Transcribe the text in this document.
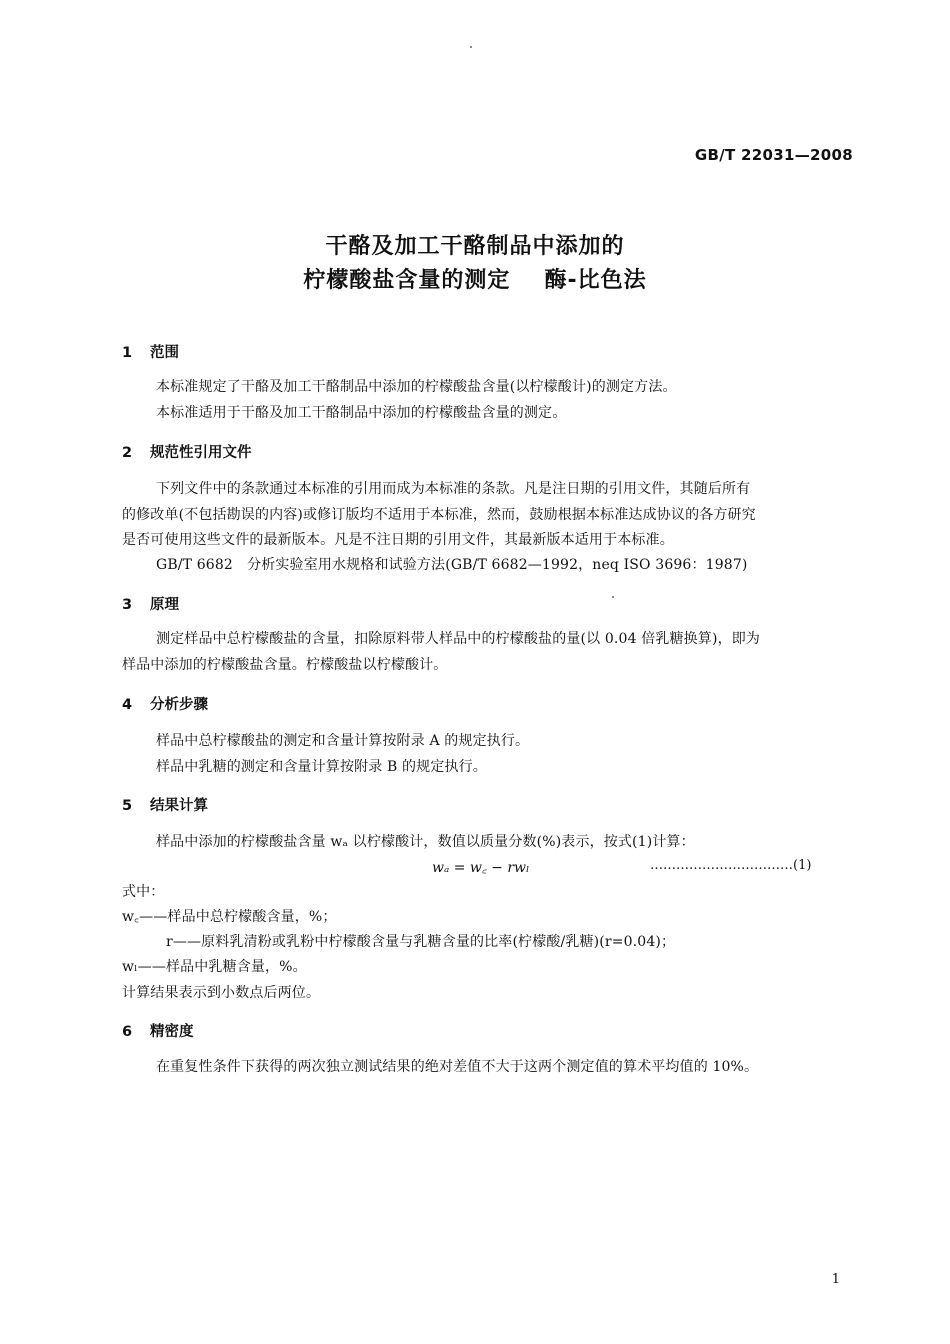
GB/T 22031—2008
干酪及加工干酪制品中添加的
柠檬酸盐含量的测定 酶-比色法
1 范围
本标准规定了干酪及加工干酪制品中添加的柠檬酸盐含量(以柠檬酸计)的测定方法。
本标准适用于干酪及加工干酪制品中添加的柠檬酸盐含量的测定。
2 规范性引用文件
下列文件中的条款通过本标准的引用而成为本标准的条款。凡是注日期的引用文件，其随后所有
的修改单(不包括勘误的内容)或修订版均不适用于本标准，然而，鼓励根据本标准达成协议的各方研究
是否可使用这些文件的最新版本。凡是不注日期的引用文件，其最新版本适用于本标准。
GB/T 6682　分析实验室用水规格和试验方法(GB/T 6682—1992，neq ISO 3696：1987)
3 原理
测定样品中总柠檬酸盐的含量，扣除原料带人样品中的柠檬酸盐的量(以 0.04 倍乳糖换算)，即为
样品中添加的柠檬酸盐含量。柠檬酸盐以柠檬酸计。
4 分析步骤
样品中总柠檬酸盐的测定和含量计算按附录 A 的规定执行。
样品中乳糖的测定和含量计算按附录 B 的规定执行。
5 结果计算
样品中添加的柠檬酸盐含量 wₐ 以柠檬酸计，数值以质量分数(%)表示，按式(1)计算：
wₐ = w꜀ − rwₗ	……………………………(1)
式中：
w꜀——样品中总柠檬酸含量，%；
r——原料乳清粉或乳粉中柠檬酸含量与乳糖含量的比率(柠檬酸/乳糖)(r=0.04)；
wₗ——样品中乳糖含量，%。
计算结果表示到小数点后两位。
6 精密度
在重复性条件下获得的两次独立测试结果的绝对差值不大于这两个测定值的算术平均值的 10%。
1
